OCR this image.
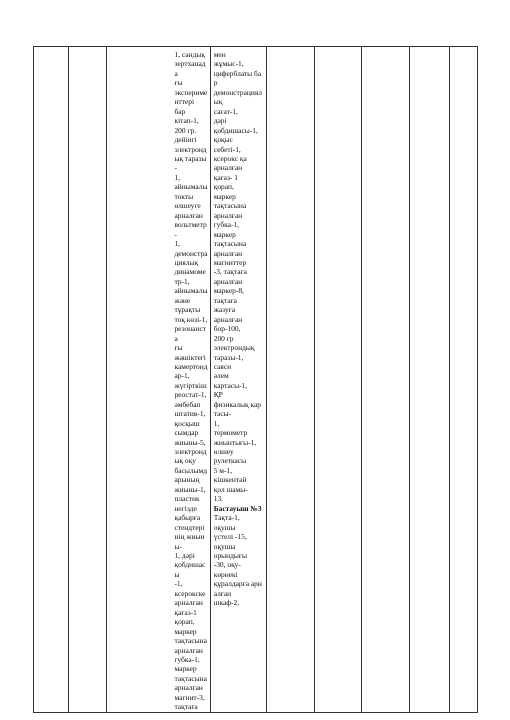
1, сандық
зертханада
ғы
эксперименттері
бар
кітап-1,
200 гр.
дейінгі
электрондық таразы-
1,
айнымалы
токты
өлшеуге
арналған
вольтметр-
1,
демонстрациялық
динамометр-1,
айнымалы
және
тұрақты
тоқ көзі-1,
резонанста
ғы
жәшіктегі
камертондар-1,
жүгірткіш
реостат-1,
әмбебап
штатив-1,
қосқыш
сымдар
жиыны-5,
электрондық оқу
басылымдарының
жиыны-1,
пластик
негізде
қабырға
стендтерінің жиыны-
1, дәрі
қобдишасы
-1,
ксерокске
арналған
қағаз-1
қорап,
маркер
тақтасына
арналған
губка-1,
маркер
тақтасына
арналған
магнит-3,
тақтаға

мен
жұмыс-1,
циферблаты бар
демонстрациялық
сағат-1,
дәрі
қобдишасы-1,
қоқыс
себеті-1,
ксерокс қа
арналған
қағаз- 1
қорап,
маркер
тақтасына
арналған
губка-1,
маркер
тақтасына
арналған
магниттер
-3, тақтаға
арналған
маркер-8,
тақтаға
жазуға
арналған
бор-100,
200 гр
электрондық
таразы-1,
саяси
әлем
картасы-1,
ҚР
физикалық картасы-
1,
термометр
жиынтығы-1,
өлшеу
рулеткасы
5 м-1,
кішкентай
қол шамы-
13.
Бастауыш №3
Тақта-1,
оқушы
үстелі -15,
оқушы
орындығы
-30, оқу-
көрнекі
құралдарға арналған
шкаф-2,
